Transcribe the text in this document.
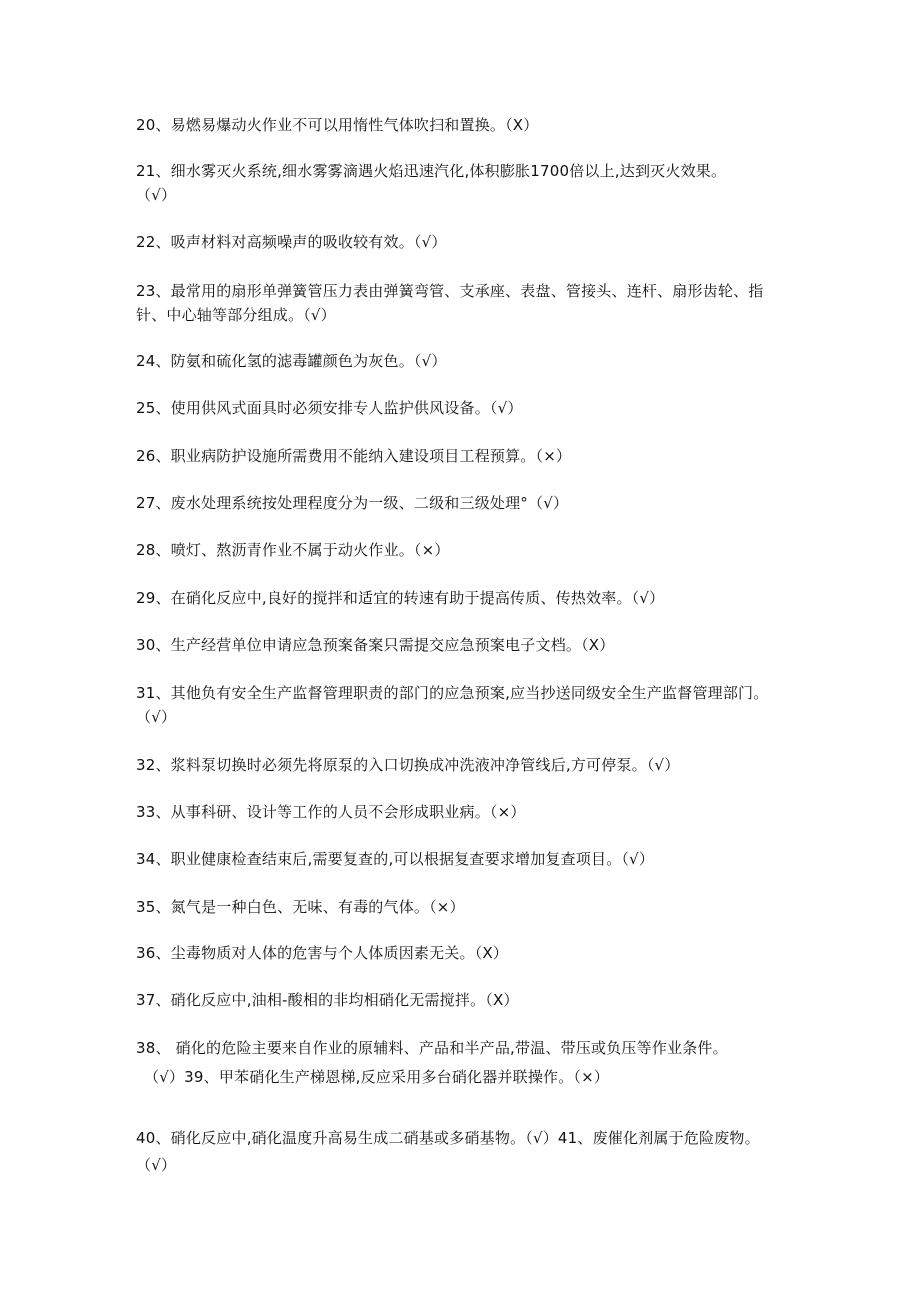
20、易燃易爆动火作业不可以用惰性气体吹扫和置换。（X）
21、细水雾灭火系统,细水雾雾滴遇火焰迅速汽化,体积膨胀1700倍以上,达到灭火效果。
（√）
22、吸声材料对高频噪声的吸收较有效。（√）
23、最常用的扇形单弹簧管压力表由弹簧弯管、支承座、表盘、管接头、连杆、扇形齿轮、指
针、中心轴等部分组成。（√）
24、防氨和硫化氢的滤毒罐颜色为灰色。（√）
25、使用供风式面具时必须安排专人监护供风设备。（√）
26、职业病防护设施所需费用不能纳入建设项目工程预算。（×）
27、废水处理系统按处理程度分为一级、二级和三级处理°（√）
28、喷灯、熬沥青作业不属于动火作业。（×）
29、在硝化反应中,良好的搅拌和适宜的转速有助于提高传质、传热效率。（√）
30、生产经营单位申请应急预案备案只需提交应急预案电子文档。（X）
31、其他负有安全生产监督管理职责的部门的应急预案,应当抄送同级安全生产监督管理部门。
（√）
32、浆料泵切换时必须先将原泵的入口切换成冲洗液冲净管线后,方可停泵。（√）
33、从事科研、设计等工作的人员不会形成职业病。（×）
34、职业健康检查结束后,需要复查的,可以根据复查要求增加复查项目。（√）
35、氮气是一种白色、无味、有毒的气体。（×）
36、尘毒物质对人体的危害与个人体质因素无关。（X）
37、硝化反应中,油相-酸相的非均相硝化无需搅拌。（X）
38、 硝化的危险主要来自作业的原辅料、产品和半产品,带温、带压或负压等作业条件。
（√）39、甲苯硝化生产梯恩梯,反应采用多台硝化器并联操作。（×）
40、硝化反应中,硝化温度升高易生成二硝基或多硝基物。（√）41、废催化剂属于危险废物。
（√）
